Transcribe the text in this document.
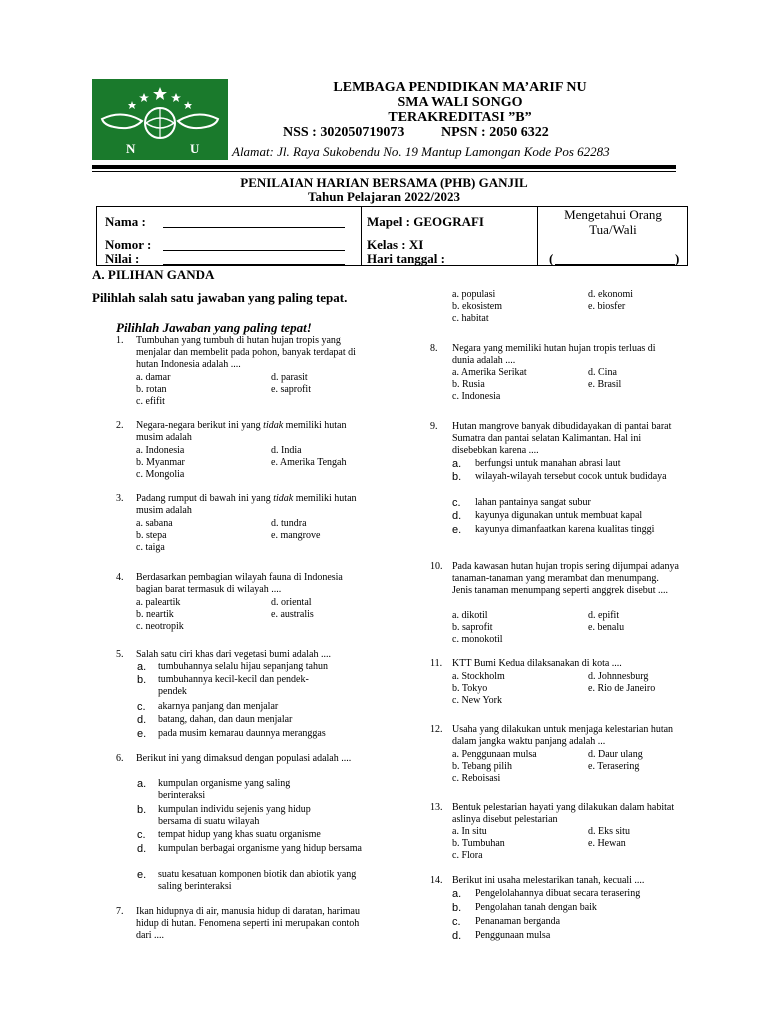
N	U
LEMBAGA PENDIDIKAN MA’ARIF NU
SMA WALI SONGO
TERAKREDITASI ”B”
NSS : 302050719073	NPSN : 2050 6322
Alamat: Jl. Raya Sukobendu No. 19 Mantup Lamongan Kode Pos 62283
PENILAIAN HARIAN BERSAMA (PHB) GANJIL
Tahun Pelajaran 2022/2023
Nama :
Nomor :
Nilai :
Mapel : GEOGRAFI
Kelas : XI
Hari tanggal :
Mengetahui Orang Tua/Wali
(	)
A. PILIHAN GANDA
Pilihlah salah satu jawaban yang paling tepat.
Pilihlah Jawaban yang paling tepat!
1. Tumbuhan yang tumbuh di hutan hujan tropis yang menjalar dan membelit pada pohon, banyak terdapat di hutan Indonesia adalah ....
a. damar	d. parasit
b. rotan	e. saprofit
c. efifit
2. Negara-negara berikut ini yang tidak memiliki hutan musim adalah
a. Indonesia	d. India
b. Myanmar	e. Amerika Tengah
c. Mongolia
3. Padang rumput di bawah ini yang tidak memiliki hutan musim adalah
a. sabana	d. tundra
b. stepa	e. mangrove
c. taiga
4. Berdasarkan pembagian wilayah fauna di Indonesia bagian barat termasuk di wilayah ....
a. paleartik	d. oriental
b. neartik	e. australis
c. neotropik
5. Salah satu ciri khas dari vegetasi bumi adalah ....
a. tumbuhannya selalu hijau sepanjang tahun
b. tumbuhannya kecil-kecil dan pendek-pendek
c. akarnya panjang dan menjalar
d. batang, dahan, dan daun menjalar
e. pada musim kemarau daunnya meranggas
6. Berikut ini yang dimaksud dengan populasi adalah ....
a. kumpulan organisme yang saling berinteraksi
b. kumpulan individu sejenis yang hidup bersama di suatu wilayah
c. tempat hidup yang khas suatu organisme
d. kumpulan berbagai organisme yang hidup bersama
e. suatu kesatuan komponen biotik dan abiotik yang saling berinteraksi
7. Ikan hidupnya di air, manusia hidup di daratan, harimau hidup di hutan. Fenomena seperti ini merupakan contoh dari ....
a. populasi	d. ekonomi
b. ekosistem	e. biosfer
c. habitat
8. Negara yang memiliki hutan hujan tropis terluas di dunia adalah ....
a. Amerika Serikat	d. Cina
b. Rusia	e. Brasil
c. Indonesia
9. Hutan mangrove banyak dibudidayakan di pantai barat Sumatra dan pantai selatan Kalimantan. Hal ini disebebkan karena ....
a. berfungsi untuk manahan abrasi laut
b. wilayah-wilayah tersebut cocok untuk budidaya
c. lahan pantainya sangat subur
d. kayunya digunakan untuk membuat kapal
e. kayunya dimanfaatkan karena kualitas tinggi
10. Pada kawasan hutan hujan tropis sering dijumpai adanya tanaman-tanaman yang merambat dan menumpang. Jenis tanaman menumpang seperti anggrek disebut ....
a. dikotil	d. epifit
b. saprofit	e. benalu
c. monokotil
11. KTT Bumi Kedua dilaksanakan di kota ....
a. Stockholm	d. Johnnesburg
b. Tokyo	e. Rio de Janeiro
c. New York
12. Usaha yang dilakukan untuk menjaga kelestarian hutan dalam jangka waktu panjang adalah ...
a. Penggunaan mulsa	d. Daur ulang
b. Tebang pilih	e. Terasering
c. Reboisasi
13. Bentuk pelestarian hayati yang dilakukan dalam habitat aslinya disebut pelestarian
a. In situ	d. Eks situ
b. Tumbuhan	e. Hewan
c. Flora
14. Berikut ini usaha melestarikan tanah, kecuali ....
a. Pengelolahannya dibuat secara terasering
b. Pengolahan tanah dengan baik
c. Penanaman berganda
d. Penggunaan mulsa
